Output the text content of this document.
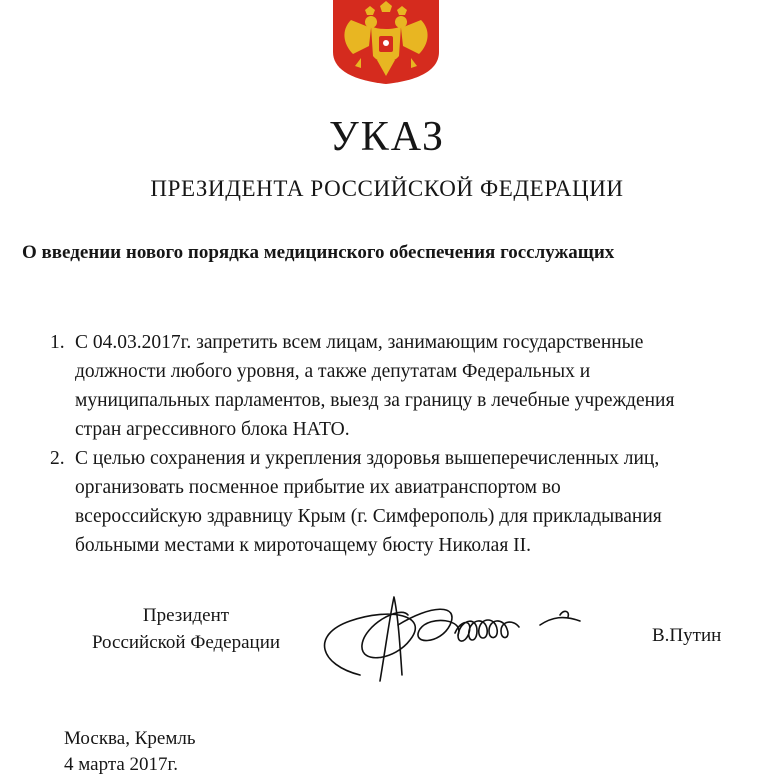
УКАЗ
ПРЕЗИДЕНТА РОССИЙСКОЙ ФЕДЕРАЦИИ
О введении нового порядка медицинского обеспечения госслужащих
1. С 04.03.2017г. запретить всем лицам, занимающим государственные
должности любого уровня, а также депутатам Федеральных и
муниципальных парламентов, выезд за границу в лечебные учреждения
стран агрессивного блока НАТО.
2. С целью сохранения и укрепления здоровья вышеперечисленных лиц,
организовать посменное прибытие их авиатранспортом во
всероссийскую здравницу Крым (г. Симферополь) для прикладывания
больными местами к мироточащему бюсту Николая II.
Президент
Российской Федерации	В.Путин
Москва, Кремль
4 марта 2017г.
